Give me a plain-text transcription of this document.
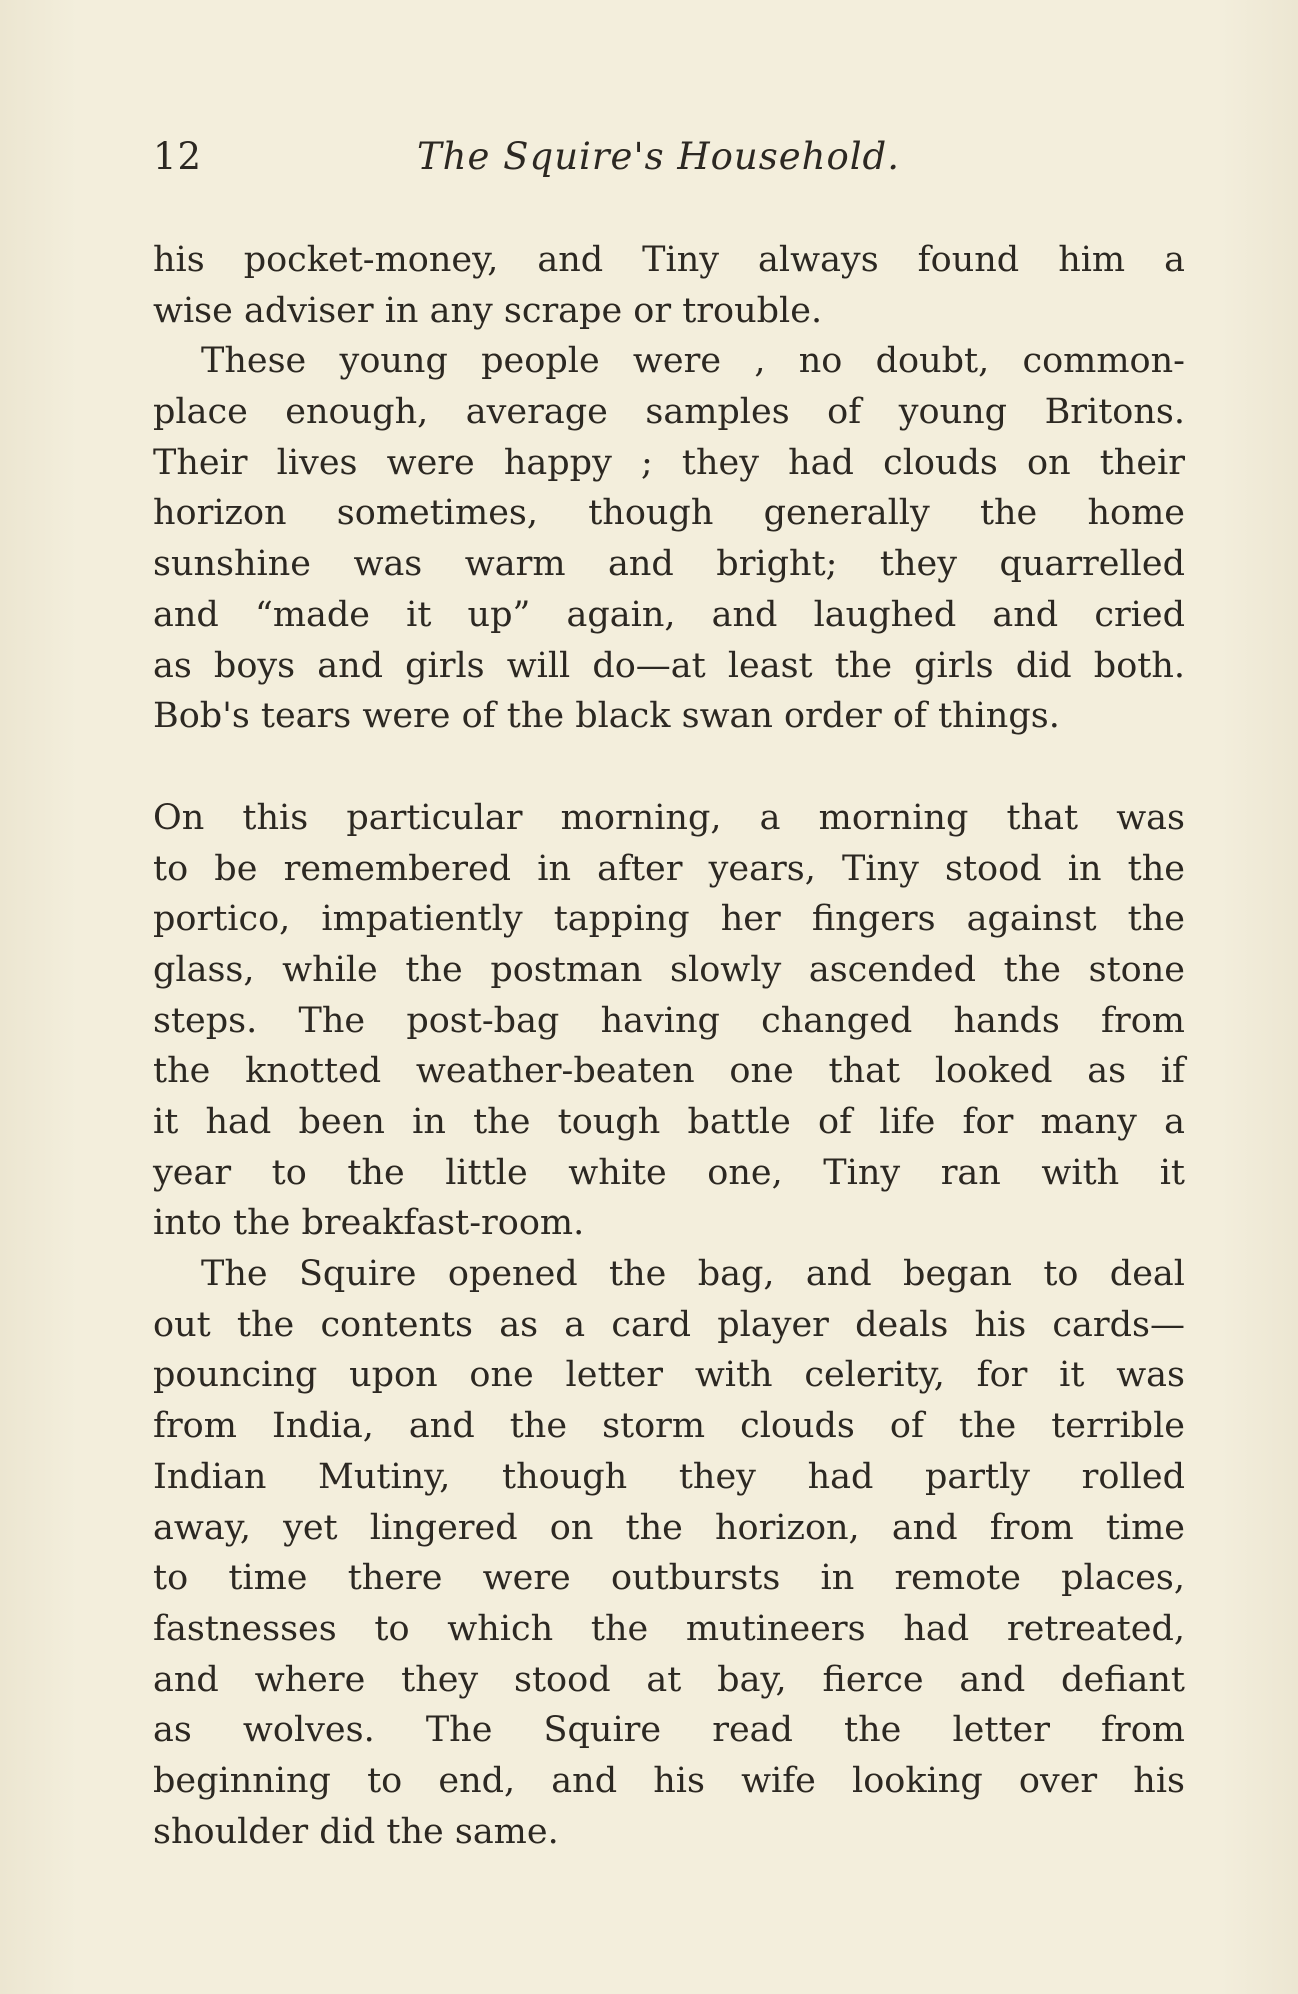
12	The Squire's Household.
his pocket-money, and Tiny always found him a
wise adviser in any scrape or trouble.
These young people were , no doubt, common-
place enough, average samples of young Britons.
Their lives were happy ; they had clouds on their
horizon sometimes, though generally the home
sunshine was warm and bright; they quarrelled
and “made it up” again, and laughed and cried
as boys and girls will do—at least the girls did both.
Bob's tears were of the black swan order of things.
On this particular morning, a morning that was
to be remembered in after years, Tiny stood in the
portico, impatiently tapping her fingers against the
glass, while the postman slowly ascended the stone
steps. The post-bag having changed hands from
the knotted weather-beaten one that looked as if
it had been in the tough battle of life for many a
year to the little white one, Tiny ran with it
into the breakfast-room.
The Squire opened the bag, and began to deal
out the contents as a card player deals his cards—
pouncing upon one letter with celerity, for it was
from India, and the storm clouds of the terrible
Indian Mutiny, though they had partly rolled
away, yet lingered on the horizon, and from time
to time there were outbursts in remote places,
fastnesses to which the mutineers had retreated,
and where they stood at bay, fierce and defiant
as wolves. The Squire read the letter from
beginning to end, and his wife looking over his
shoulder did the same.
